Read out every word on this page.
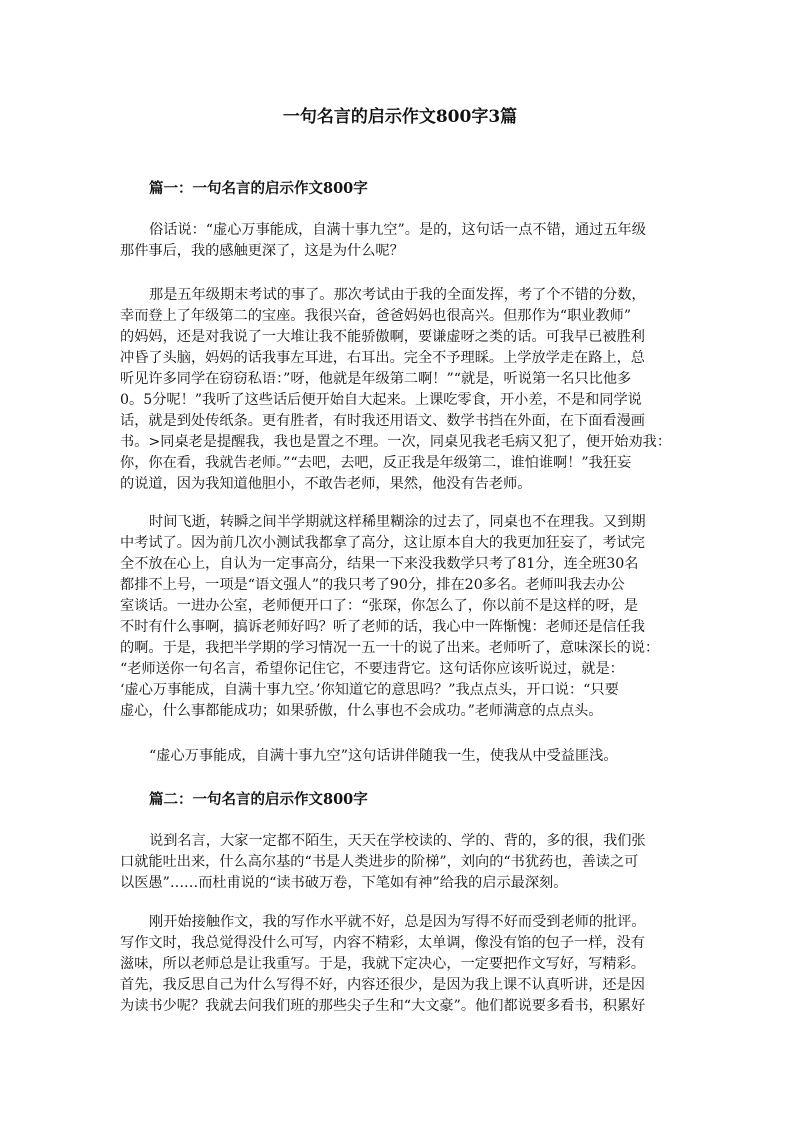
一句名言的启示作文800字3篇
篇一：一句名言的启示作文800字
俗话说：“虚心万事能成，自满十事九空”。是的，这句话一点不错，通过五年级
那件事后，我的感触更深了，这是为什么呢？
那是五年级期末考试的事了。那次考试由于我的全面发挥，考了个不错的分数，
幸而登上了年级第二的宝座。我很兴奋，爸爸妈妈也很高兴。但那作为“职业教师”
的妈妈，还是对我说了一大堆让我不能骄傲啊，要谦虚呀之类的话。可我早已被胜利
冲昏了头脑，妈妈的话我事左耳进，右耳出。完全不予理睬。上学放学走在路上，总
听见许多同学在窃窃私语：”呀，他就是年级第二啊！”“就是，听说第一名只比他多
0。5分呢！”我听了这些话后便开始自大起来。上课吃零食，开小差，不是和同学说
话，就是到处传纸条。更有胜者，有时我还用语文、数学书挡在外面，在下面看漫画
书。>同桌老是提醒我，我也是置之不理。一次，同桌见我老毛病又犯了，便开始劝我：
你，你在看，我就告老师。”“去吧，去吧，反正我是年级第二，谁怕谁啊！”我狂妄
的说道，因为我知道他胆小，不敢告老师，果然，他没有告老师。
时间飞逝，转瞬之间半学期就这样稀里糊涂的过去了，同桌也不在理我。又到期
中考试了。因为前几次小测试我都拿了高分，这让原本自大的我更加狂妄了，考试完
全不放在心上，自认为一定事高分，结果一下来没我数学只考了81分，连全班30名
都排不上号，一项是“语文强人”的我只考了90分，排在20多名。老师叫我去办公
室谈话。一进办公室，老师便开口了：“张琛，你怎么了，你以前不是这样的呀，是
不时有什么事啊，搞诉老师好吗？听了老师的话，我心中一阵惭愧：老师还是信任我
的啊。于是，我把半学期的学习情况一五一十的说了出来。老师听了，意味深长的说：
“老师送你一句名言，希望你记住它，不要违背它。这句话你应该听说过，就是：
‘虚心万事能成，自满十事九空。’你知道它的意思吗？”我点点头，开口说：“只要
虚心，什么事都能成功；如果骄傲，什么事也不会成功。”老师满意的点点头。
“虚心万事能成，自满十事九空”这句话讲伴随我一生，使我从中受益匪浅。
篇二：一句名言的启示作文800字
说到名言，大家一定都不陌生，天天在学校读的、学的、背的，多的很，我们张
口就能吐出来，什么高尔基的“书是人类进步的阶梯”，刘向的“书犹药也，善读之可
以医愚”……而杜甫说的“读书破万卷，下笔如有神”给我的启示最深刻。
刚开始接触作文，我的写作水平就不好，总是因为写得不好而受到老师的批评。
写作文时，我总觉得没什么可写，内容不精彩，太单调，像没有馅的包子一样，没有
滋味，所以老师总是让我重写。于是，我就下定决心，一定要把作文写好，写精彩。
首先，我反思自己为什么写得不好，内容还很少，是因为我上课不认真听讲，还是因
为读书少呢？我就去问我们班的那些尖子生和“大文豪”。他们都说要多看书，积累好
